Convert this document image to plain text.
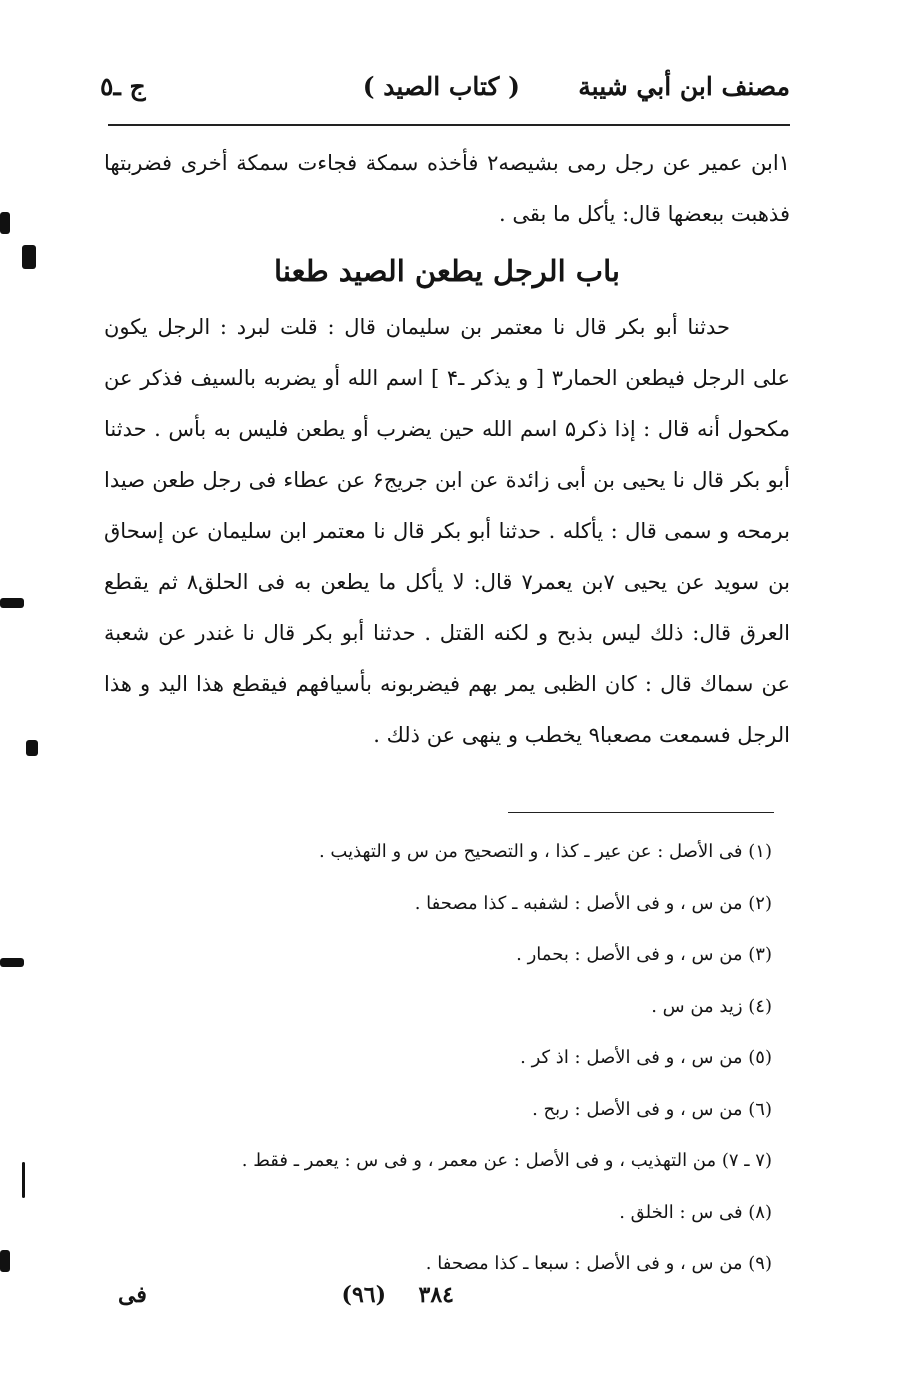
مصنف ابن أبي شيبة
( كتاب الصيد )
ج ـ٥

۱ابن عمير عن رجل رمى بشيصه۲ فأخذه سمكة فجاءت سمكة أخرى فضربتها فذهبت ببعضها قال: يأكل ما بقى .

باب الرجل يطعن الصيد طعنا

حدثنا أبو بكر قال نا معتمر بن سليمان قال : قلت لبرد : الرجل يكون على الرجل فيطعن الحمار۳ [ و يذكر ـ۴ ] اسم الله أو يضربه بالسيف فذكر عن مكحول أنه قال : إذا ذكر۵ اسم الله حين يضرب أو يطعن فليس به بأس . حدثنا أبو بكر قال نا يحيى بن أبى زائدة عن ابن جريج۶ عن عطاء فى رجل طعن صيدا برمحه و سمى قال : يأكله . حدثنا أبو بكر قال نا معتمر ابن سليمان عن إسحاق بن سويد عن يحيى ۷بن يعمر۷ قال: لا يأكل ما يطعن به فى الحلق۸ ثم يقطع العرق قال: ذلك ليس بذبح و لكنه القتل . حدثنا أبو بكر قال نا غندر عن شعبة عن سماك قال : كان الظبى يمر بهم فيضربونه بأسيافهم فيقطع هذا اليد و هذا الرجل فسمعت مصعبا۹ يخطب و ينهى عن ذلك .

(١) فى الأصل : عن عير ـ كذا ، و التصحيح من س و التهذيب .

(٢) من س ، و فى الأصل : لشفبه ـ كذا مصحفا .

(٣) من س ، و فى الأصل : بحمار .

(٤) زيد من س .

(٥) من س ، و فى الأصل : اذ كر .

(٦) من س ، و فى الأصل : ربح .

(٧ ـ ٧) من التهذيب ، و فى الأصل : عن معمر ، و فى س : يعمر ـ فقط .

(٨) فى س : الخلق .

(٩) من س ، و فى الأصل : سبعا ـ كذا مصحفا .

٣٨٤
(٩٦)
فى
